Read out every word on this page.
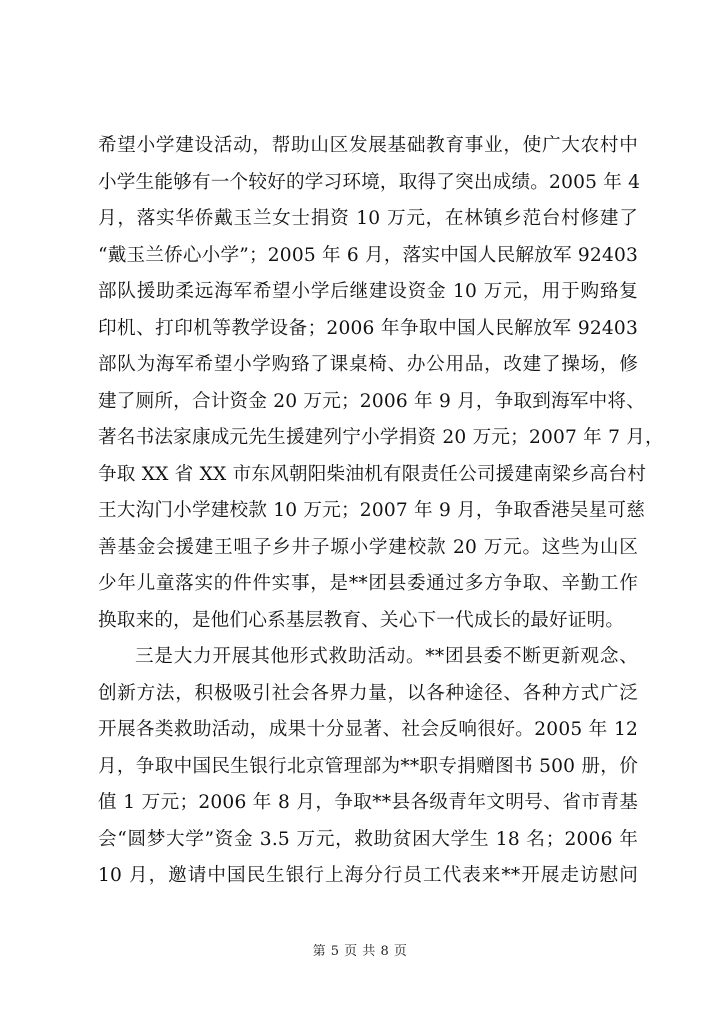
希望小学建设活动，帮助山区发展基础教育事业，使广大农村中
小学生能够有一个较好的学习环境，取得了突出成绩。2005 年 4
月，落实华侨戴玉兰女士捐资 10 万元，在林镇乡范台村修建了
“戴玉兰侨心小学”；2005 年 6 月，落实中国人民解放军 92403
部队援助柔远海军希望小学后继建设资金 10 万元，用于购臵复
印机、打印机等教学设备；2006 年争取中国人民解放军 92403
部队为海军希望小学购臵了课桌椅、办公用品，改建了操场，修
建了厕所，合计资金 20 万元；2006 年 9 月，争取到海军中将、
著名书法家康成元先生援建列宁小学捐资 20 万元；2007 年 7 月，
争取 XX 省 XX 市东风朝阳柴油机有限责任公司援建南梁乡高台村
王大沟门小学建校款 10 万元；2007 年 9 月，争取香港吴星可慈
善基金会援建王咀子乡井子塬小学建校款 20 万元。这些为山区
少年儿童落实的件件实事，是**团县委通过多方争取、辛勤工作
换取来的，是他们心系基层教育、关心下一代成长的最好证明。
三是大力开展其他形式救助活动。**团县委不断更新观念、
创新方法，积极吸引社会各界力量，以各种途径、各种方式广泛
开展各类救助活动，成果十分显著、社会反响很好。2005 年 12
月，争取中国民生银行北京管理部为**职专捐赠图书 500 册，价
值 1 万元；2006 年 8 月，争取**县各级青年文明号、省市青基
会“圆梦大学”资金 3.5 万元，救助贫困大学生 18 名；2006 年
10 月，邀请中国民生银行上海分行员工代表来**开展走访慰问
第 5 页 共 8 页
